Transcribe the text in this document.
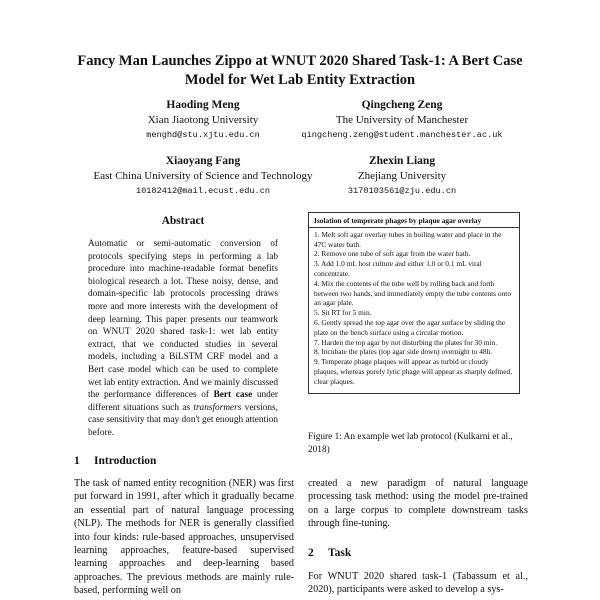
Fancy Man Launches Zippo at WNUT 2020 Shared Task-1: A Bert Case
Model for Wet Lab Entity Extraction
Haoding Meng
Xian Jiaotong University
menghd@stu.xjtu.edu.cn
Qingcheng Zeng
The University of Manchester
qingcheng.zeng@student.manchester.ac.uk
Xiaoyang Fang
East China University of Science and Technology
10182412@mail.ecust.edu.cn
Zhexin Liang
Zhejiang University
3170103561@zju.edu.cn
Abstract

Automatic or semi-automatic conversion of protocols specifying steps in performing a lab procedure into machine-readable format benefits biological research a lot. These noisy, dense, and domain-specific lab protocols processing draws more and more interests with the development of deep learning. This paper presents our teamwork on WNUT 2020 shared task-1: wet lab entity extract, that we conducted studies in several models, including a BiLSTM CRF model and a Bert case model which can be used to complete wet lab entity extraction. And we mainly discussed the performance differences of Bert case under different situations such as transformers versions, case sensitivity that may don't get enough attention before.

Isolation of temperate phages by plaque agar overlay

1. Melt soft agar overlay tubes in boiling water and place in the 47C water bath.

2. Remove one tube of soft agar from the water bath.

3. Add 1.0 mL host culture and either 1.0 or 0.1 mL viral concentrate.

4. Mix the contents of the tube well by rolling back and forth between two hands, and immediately empty the tube contents onto an agar plate.

5. Sit RT for 5 min.

6. Gently spread the top agar over the agar surface by sliding the plate on the bench surface using a circular motion.

7. Harden the top agar by not disturbing the plates for 30 min.

8. Incubate the plates (top agar side down) overnight to 48h.

9. Temperate phage plaques will appear as turbid or cloudy plaques, whereas purely lytic phage will appear as sharply defined, clear plaques.

Figure 1: An example wet lab protocol (Kulkarni et al., 2018)
1 Introduction
The task of named entity recognition (NER) was first put forward in 1991, after which it gradually became an essential part of natural language processing (NLP). The methods for NER is generally classified into four kinds: rule-based approaches, unsupervised learning approaches, feature-based supervised learning approaches and deep-learning based approaches. The previous methods are mainly rule-based, performing well on
created a new paradigm of natural language processing task method: using the model pre-trained on a large corpus to complete downstream tasks through fine-tuning.
2 Task
For WNUT 2020 shared task-1 (Tabassum et al., 2020), participants were asked to develop a sys-
